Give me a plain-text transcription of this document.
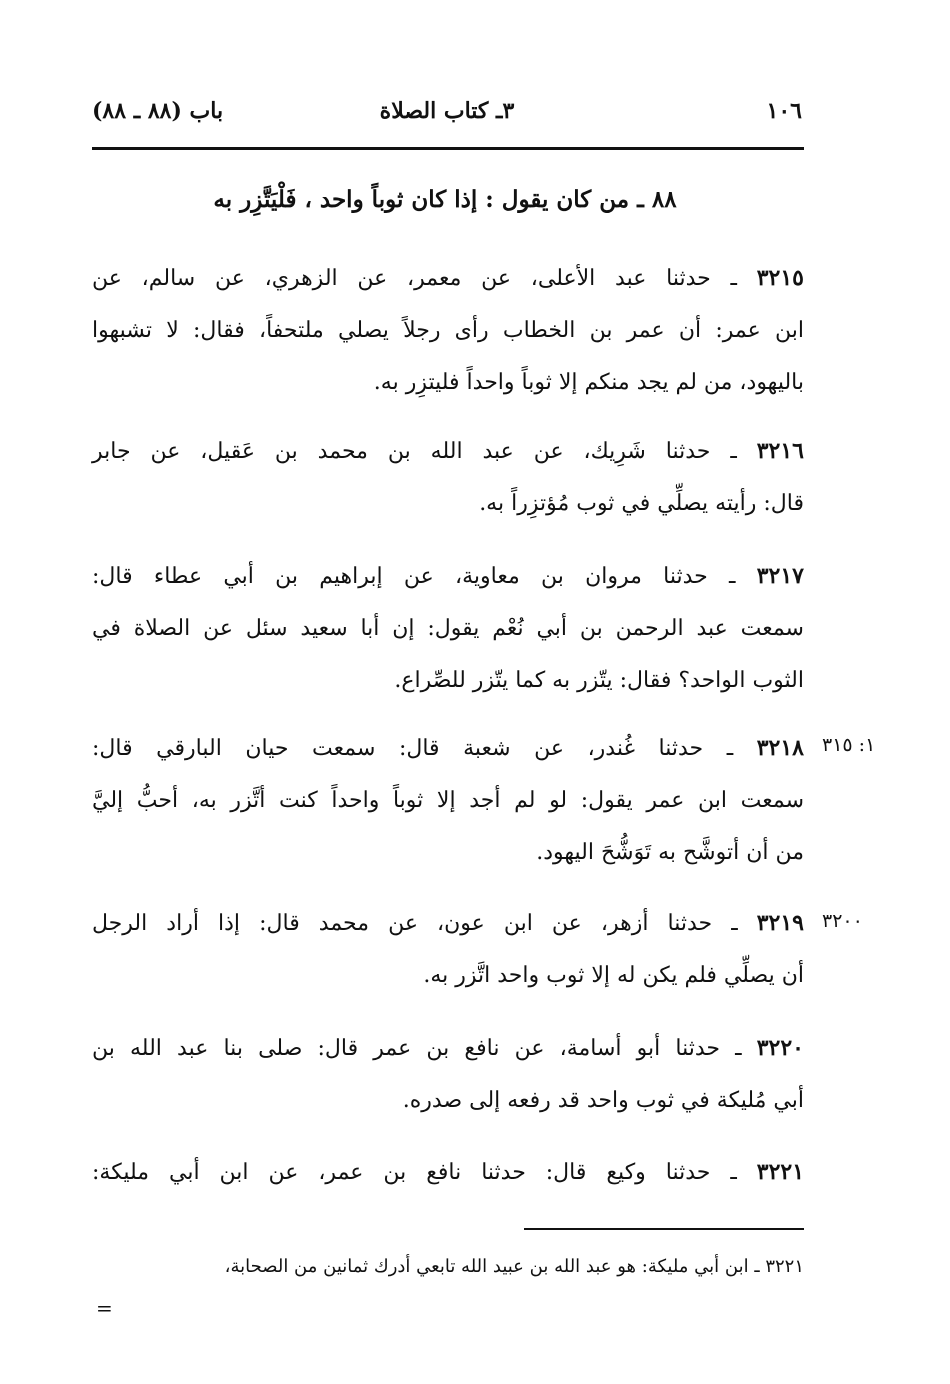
١٠٦
٣ـ كتاب الصلاة
باب (٨٨ ـ ٨٨)
٨٨ ـ من كان يقول : إذا كان ثوباً واحد ، فَلْيَتَّزِر به

٣٢١٥ ـ حدثنا عبد الأعلى، عن معمر، عن الزهري، عن سالم، عن

ابن عمر: أن عمر بن الخطاب رأى رجلاً يصلي ملتحفاً، فقال: لا تشبهوا

باليهود، من لم يجد منكم إلا ثوباً واحداً فليتزِر به.

٣٢١٦ ـ حدثنا شَرِيك، عن عبد الله بن محمد بن عَقيل، عن جابر

قال: رأيته يصلِّي في ثوب مُؤتزِراً به.

٣٢١٧ ـ حدثنا مروان بن معاوية، عن إبراهيم بن أبي عطاء قال:

سمعت عبد الرحمن بن أبي نُعْم يقول: إن أبا سعيد سئل عن الصلاة في

الثوب الواحد؟ فقال: يتّزر به كما يتّزر للصِّراع.

١: ٣١٥

٣٢١٨ ـ حدثنا غُندر، عن شعبة قال: سمعت حيان البارقي قال:

سمعت ابن عمر يقول: لو لم أجد إلا ثوباً واحداً كنت أتَّزر به، أحبُّ إليَّ

من أن أتوشَّح به تَوَشُّحَ اليهود.

٣٢٠٠

٣٢١٩ ـ حدثنا أزهر، عن ابن عون، عن محمد قال: إذا أراد الرجل

أن يصلِّي فلم يكن له إلا ثوب واحد اتَّزر به.

٣٢٢٠ ـ حدثنا أبو أسامة، عن نافع بن عمر قال: صلى بنا عبد الله بن

أبي مُليكة في ثوب واحد قد رفعه إلى صدره.

٣٢٢١ ـ حدثنا وكيع قال: حدثنا نافع بن عمر، عن ابن أبي مليكة:

٣٢٢١ ـ ابن أبي مليكة: هو عبد الله بن عبيد الله تابعي أدرك ثمانين من الصحابة،
=
